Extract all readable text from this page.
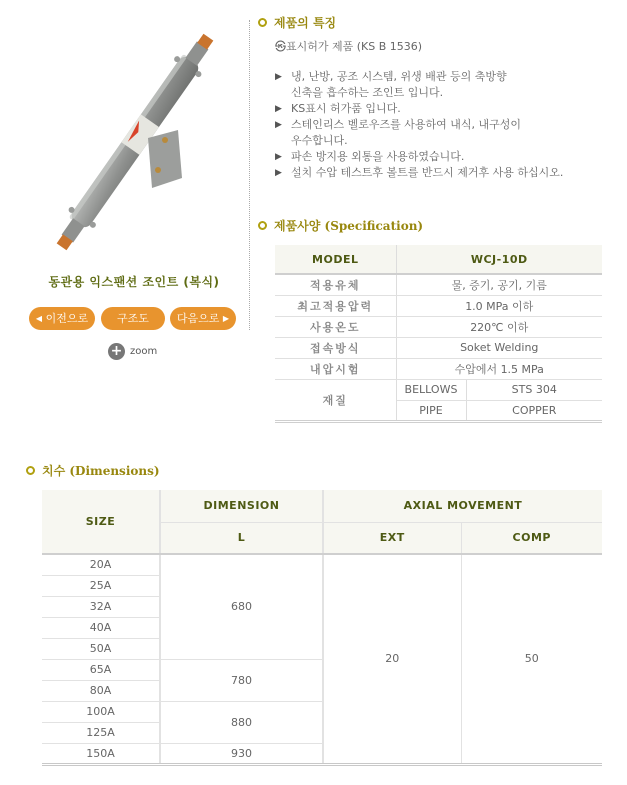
동관용 익스팬션 조인트 (복식)
◀ 이전으로	구조도	다음으로 ▶
+ zoom
제품의 특징
㉿표시허가 제품 (KS B 1536)
▶ 냉, 난방, 공조 시스템, 위생 배관 등의 축방향
신축을 흡수하는 조인트 입니다.
▶ KS표시 허가품 입니다.
▶ 스테인리스 벨로우즈를 사용하여 내식, 내구성이
우수합니다.
▶ 파손 방지용 외통을 사용하였습니다.
▶ 설치 수압 테스트후 볼트를 반드시 제거후 사용 하십시오.
제품사양 (Specification)
MODEL	WCJ-10D	
적용유체	물, 증기, 공기, 기름	
최고적용압력	1.0 MPa 이하	
사용온도	220℃ 이하	
접속방식	Soket Welding	
내압시험	수압에서 1.5 MPa	
재질	BELLOWS	STS 304
	PIPE	COPPER
치수 (Dimensions)
SIZE	DIMENSION	AXIAL MOVEMENT	
	L	EXT	COMP
20A	680	20	50
25A			
32A			
40A			
50A			
65A	780		
80A			
100A	880		
125A			
150A	930		
